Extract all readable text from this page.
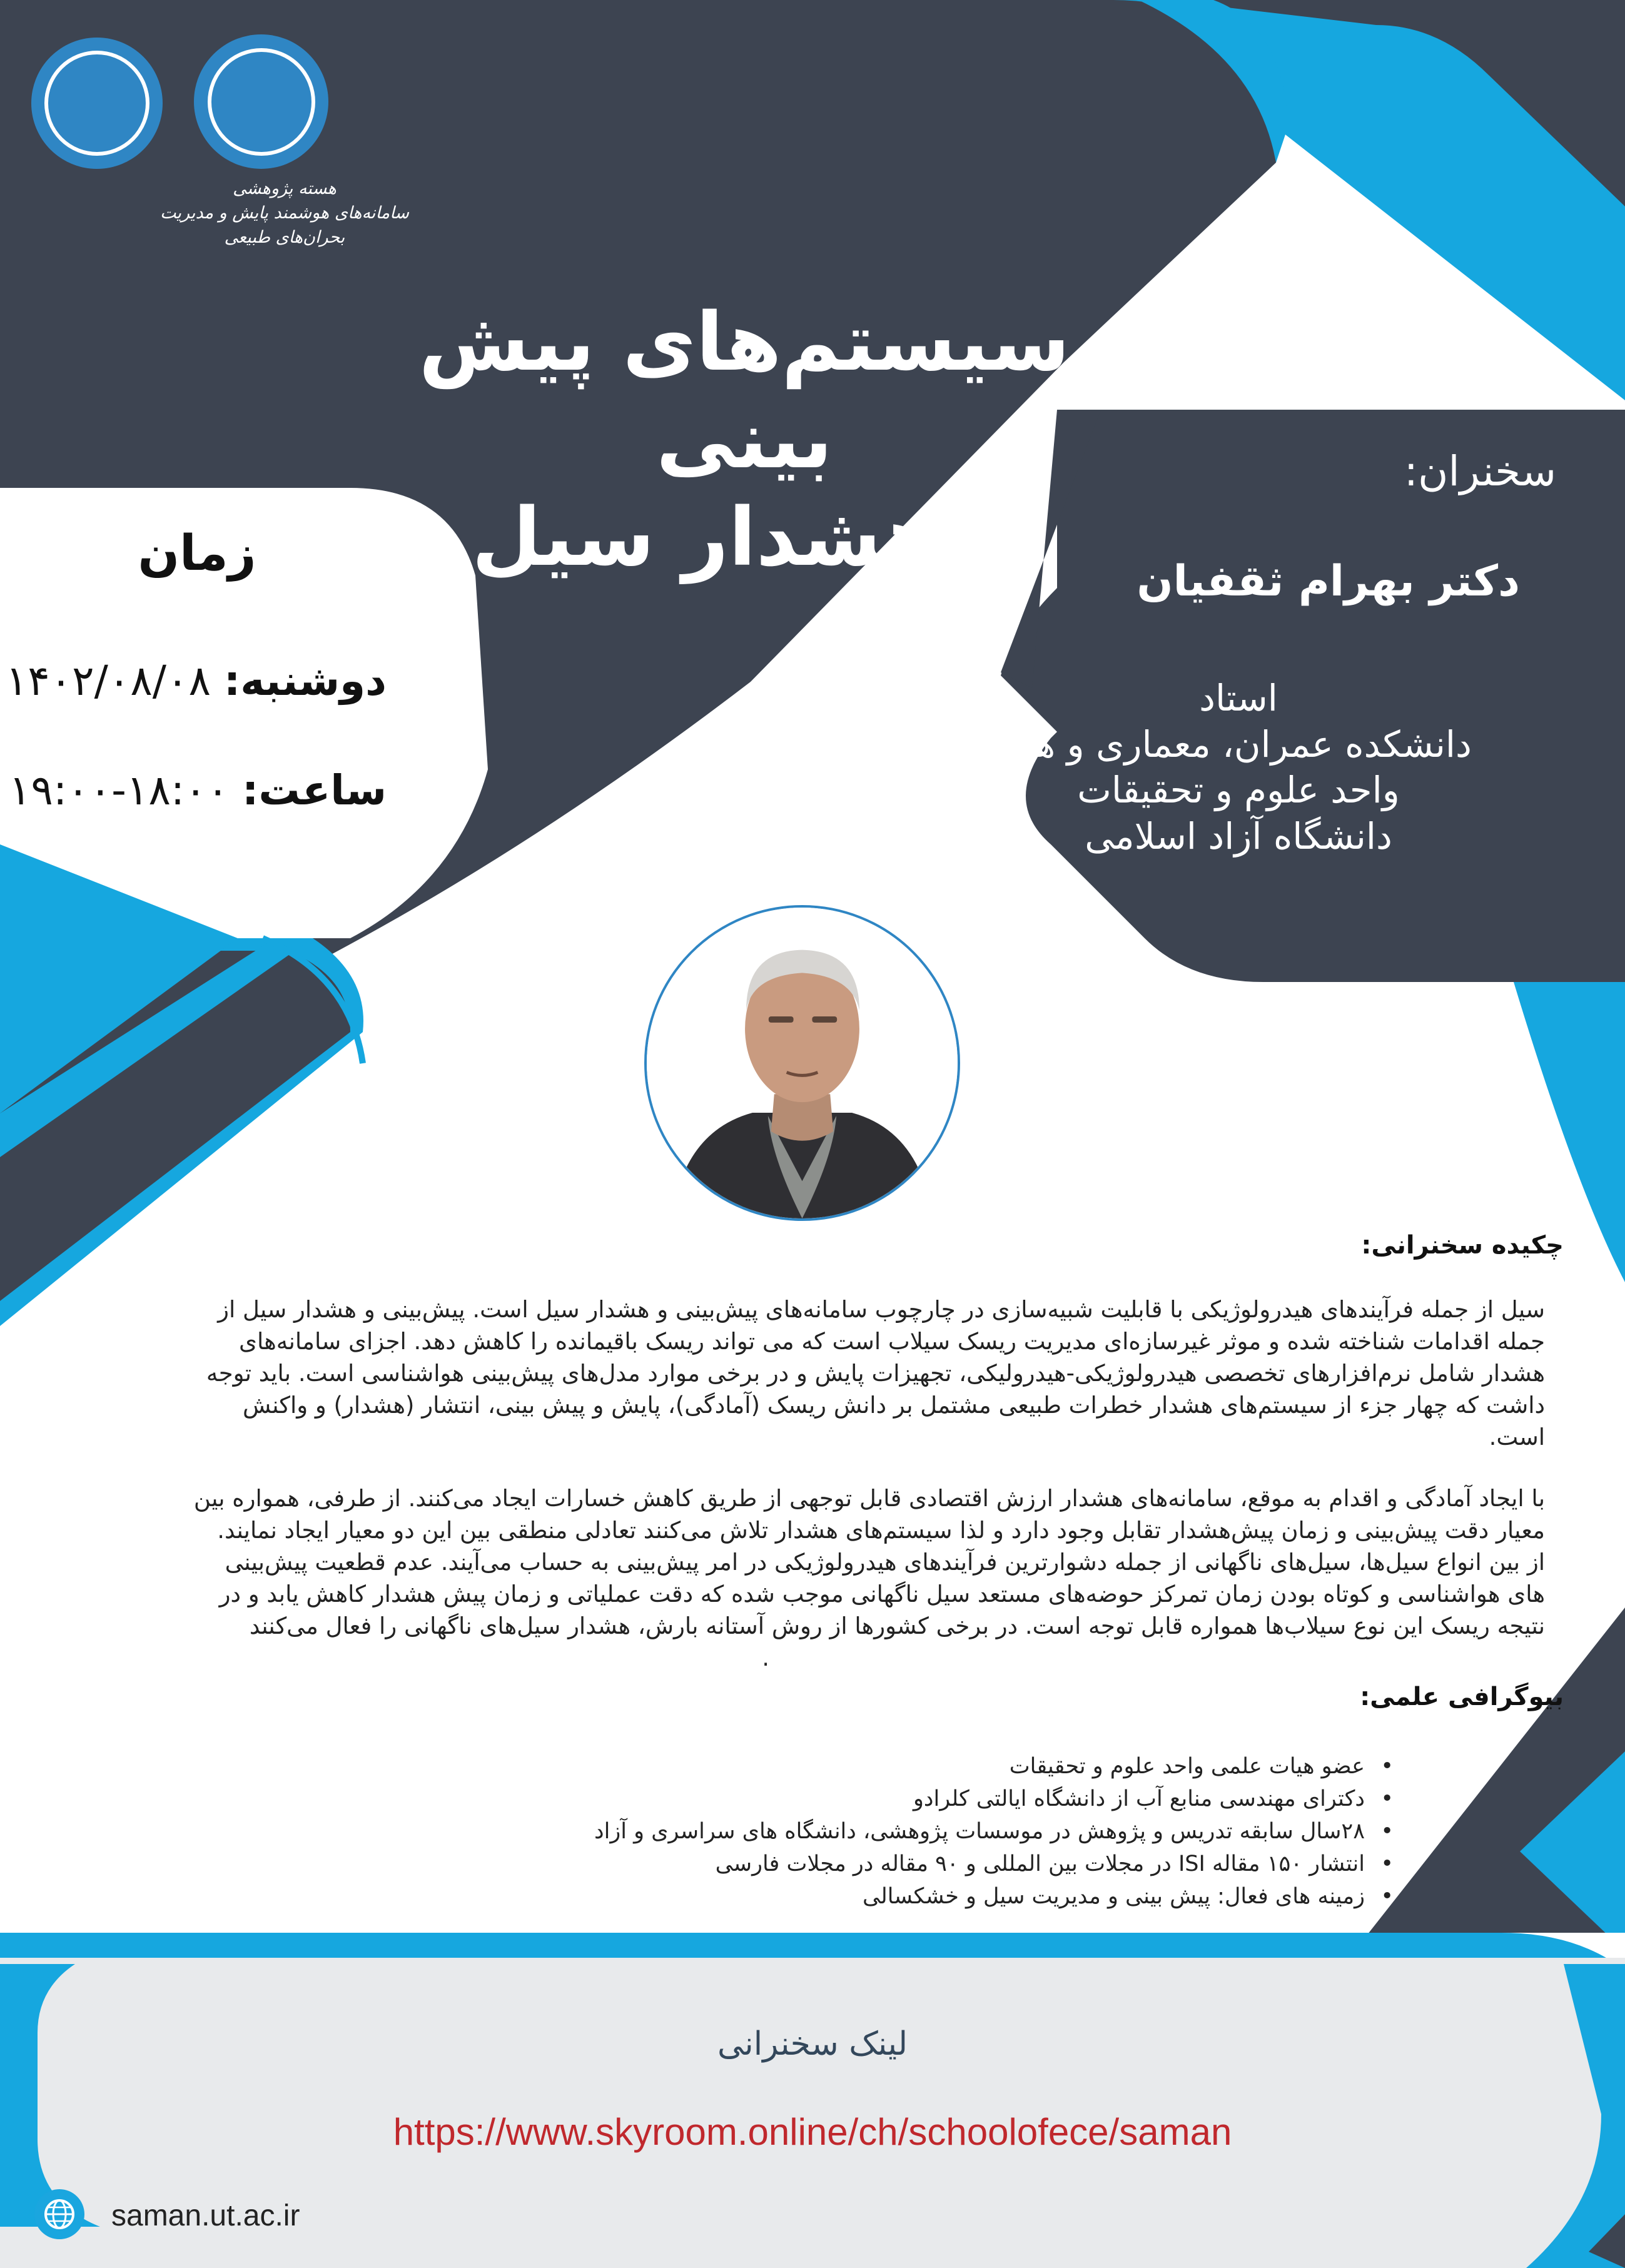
هسته پژوهشی
سامانه‌های هوشمند پایش و مدیریت بحران‌های طبیعی
سیستم‌های پیش بینی
و هشدار سیل
زمان
دوشنبه: ۱۴۰۲/۰۸/۰۸
ساعت: ۱۸:۰۰-۱۹:۰۰
سخنران:
دکتر بهرام ثقفیان
استاد
دانشکده عمران، معماری و هنر
واحد علوم و تحقیقات
دانشگاه آزاد اسلامی
چکیده سخنرانی:
سیل از جمله فرآیندهای هیدرولوژیکی با قابلیت شبیه‌سازی در چارچوب سامانه‌های پیش‌بینی و هشدار سیل است. پیش‌بینی و هشدار سیل از
جمله اقدامات شناخته شده و موثر غیرسازه‌ای مدیریت ریسک سیلاب است که می تواند ریسک باقیمانده را کاهش دهد. اجزای سامانه‌های
هشدار شامل نرم‌افزارهای تخصصی هیدرولوژیکی-هیدرولیکی، تجهیزات پایش و در برخی موارد مدل‌های پیش‌بینی هواشناسی است. باید توجه
داشت که چهار جزء از سیستم‌های هشدار خطرات طبیعی مشتمل بر دانش ریسک (آمادگی)، پایش و پیش بینی، انتشار (هشدار) و واکنش
است.
با ایجاد آمادگی و اقدام به موقع، سامانه‌های هشدار ارزش اقتصادی قابل توجهی از طریق کاهش خسارات ایجاد می‌کنند. از طرفی، همواره بین
معیار دقت پیش‌بینی و زمان پیش‌هشدار تقابل وجود دارد و لذا سیستم‌های هشدار تلاش می‌کنند تعادلی منطقی بین این دو معیار ایجاد نمایند.
از بین انواع سیل‌ها، سیل‌های ناگهانی از جمله دشوارترین فرآیندهای هیدرولوژیکی در امر پیش‌بینی به حساب می‌آیند. عدم قطعیت پیش‌بینی
های هواشناسی و کوتاه بودن زمان تمرکز حوضه‌های مستعد سیل ناگهانی موجب شده که دقت عملیاتی و زمان پیش هشدار کاهش یابد و در
نتیجه ریسک این نوع سیلاب‌ها همواره قابل توجه است. در برخی کشورها از روش آستانه بارش، هشدار سیل‌های ناگهانی را فعال می‌کنند
.
بیوگرافی علمی:
•
عضو هیات علمی واحد علوم و تحقیقات
•
دکترای مهندسی منابع آب از دانشگاه ایالتی کلرادو
•
۲۸سال سابقه تدریس و پژوهش در موسسات پژوهشی، دانشگاه های سراسری و آزاد
•
انتشار ۱۵۰ مقاله ISI در مجلات بین المللی و ۹۰ مقاله در مجلات فارسی
•
زمینه های فعال: پیش بینی و مدیریت سیل و خشکسالی
لینک سخنرانی
https://www.skyroom.online/ch/schoolofece/saman
saman.ut.ac.ir
